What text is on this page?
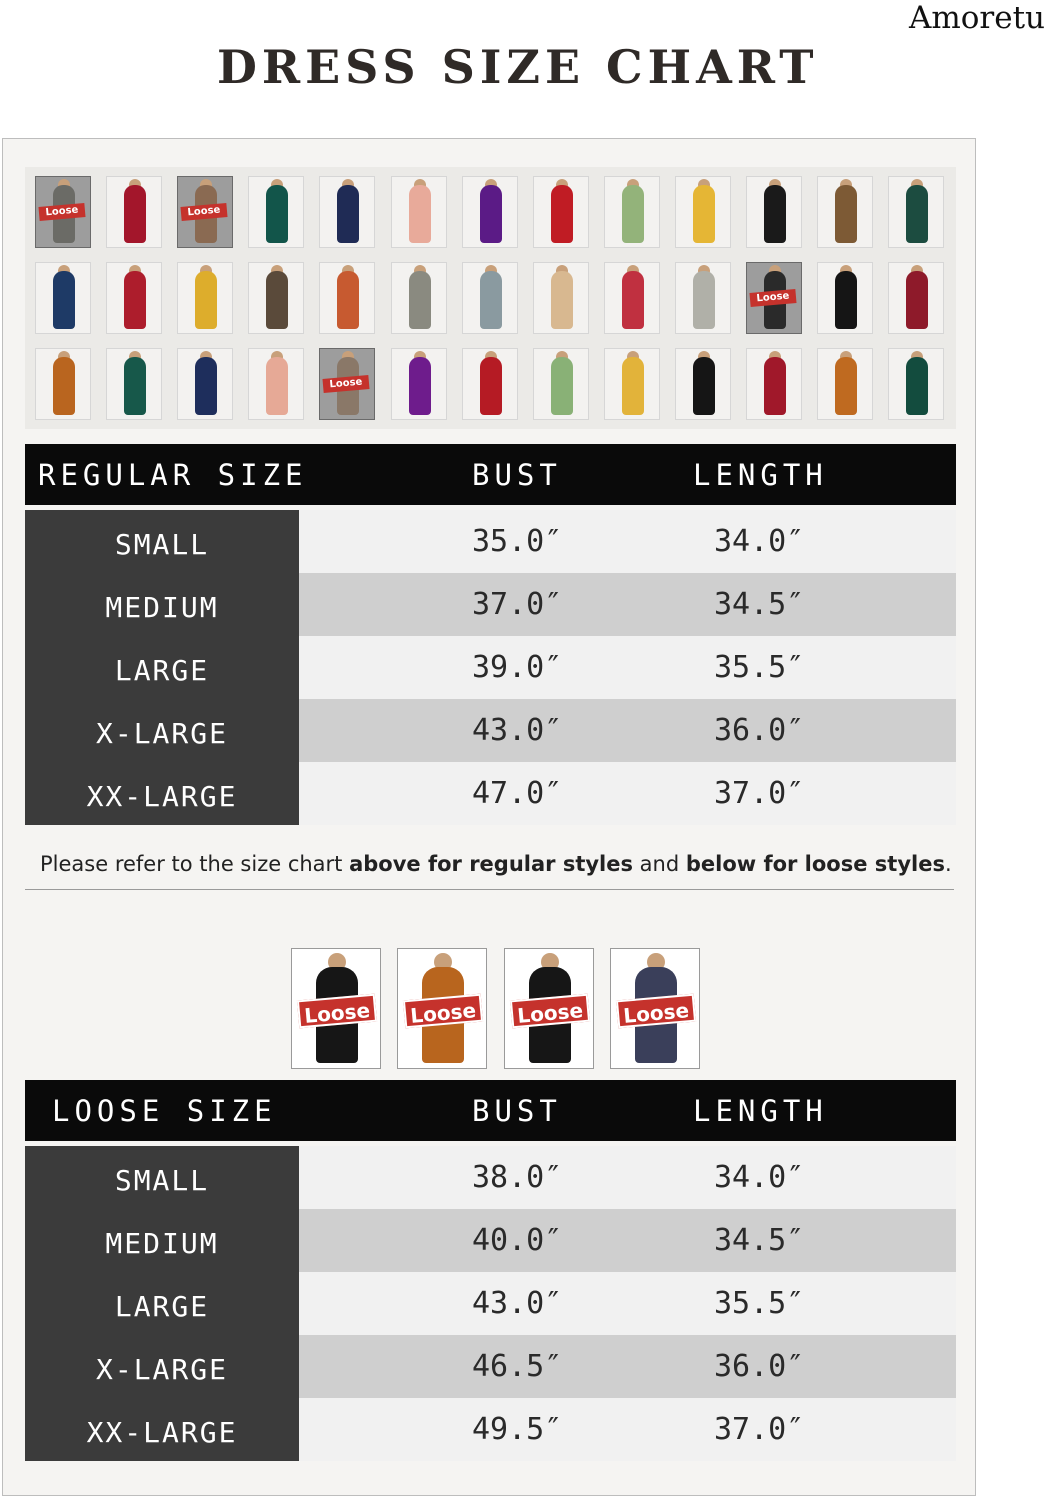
Amoretu
DRESS SIZE CHART
Loose	Loose
Loose
Loose
REGULAR SIZE	BUST	LENGTH
SMALL	35.0″	34.0″
MEDIUM	37.0″	34.5″
LARGE	39.0″	35.5″
X-LARGE	43.0″	36.0″
XX-LARGE	47.0″	37.0″
Please refer to the size chart above for regular styles and below for loose styles.
Loose	Loose	Loose	Loose
LOOSE SIZE	BUST	LENGTH
SMALL	38.0″	34.0″
MEDIUM	40.0″	34.5″
LARGE	43.0″	35.5″
X-LARGE	46.5″	36.0″
XX-LARGE	49.5″	37.0″
